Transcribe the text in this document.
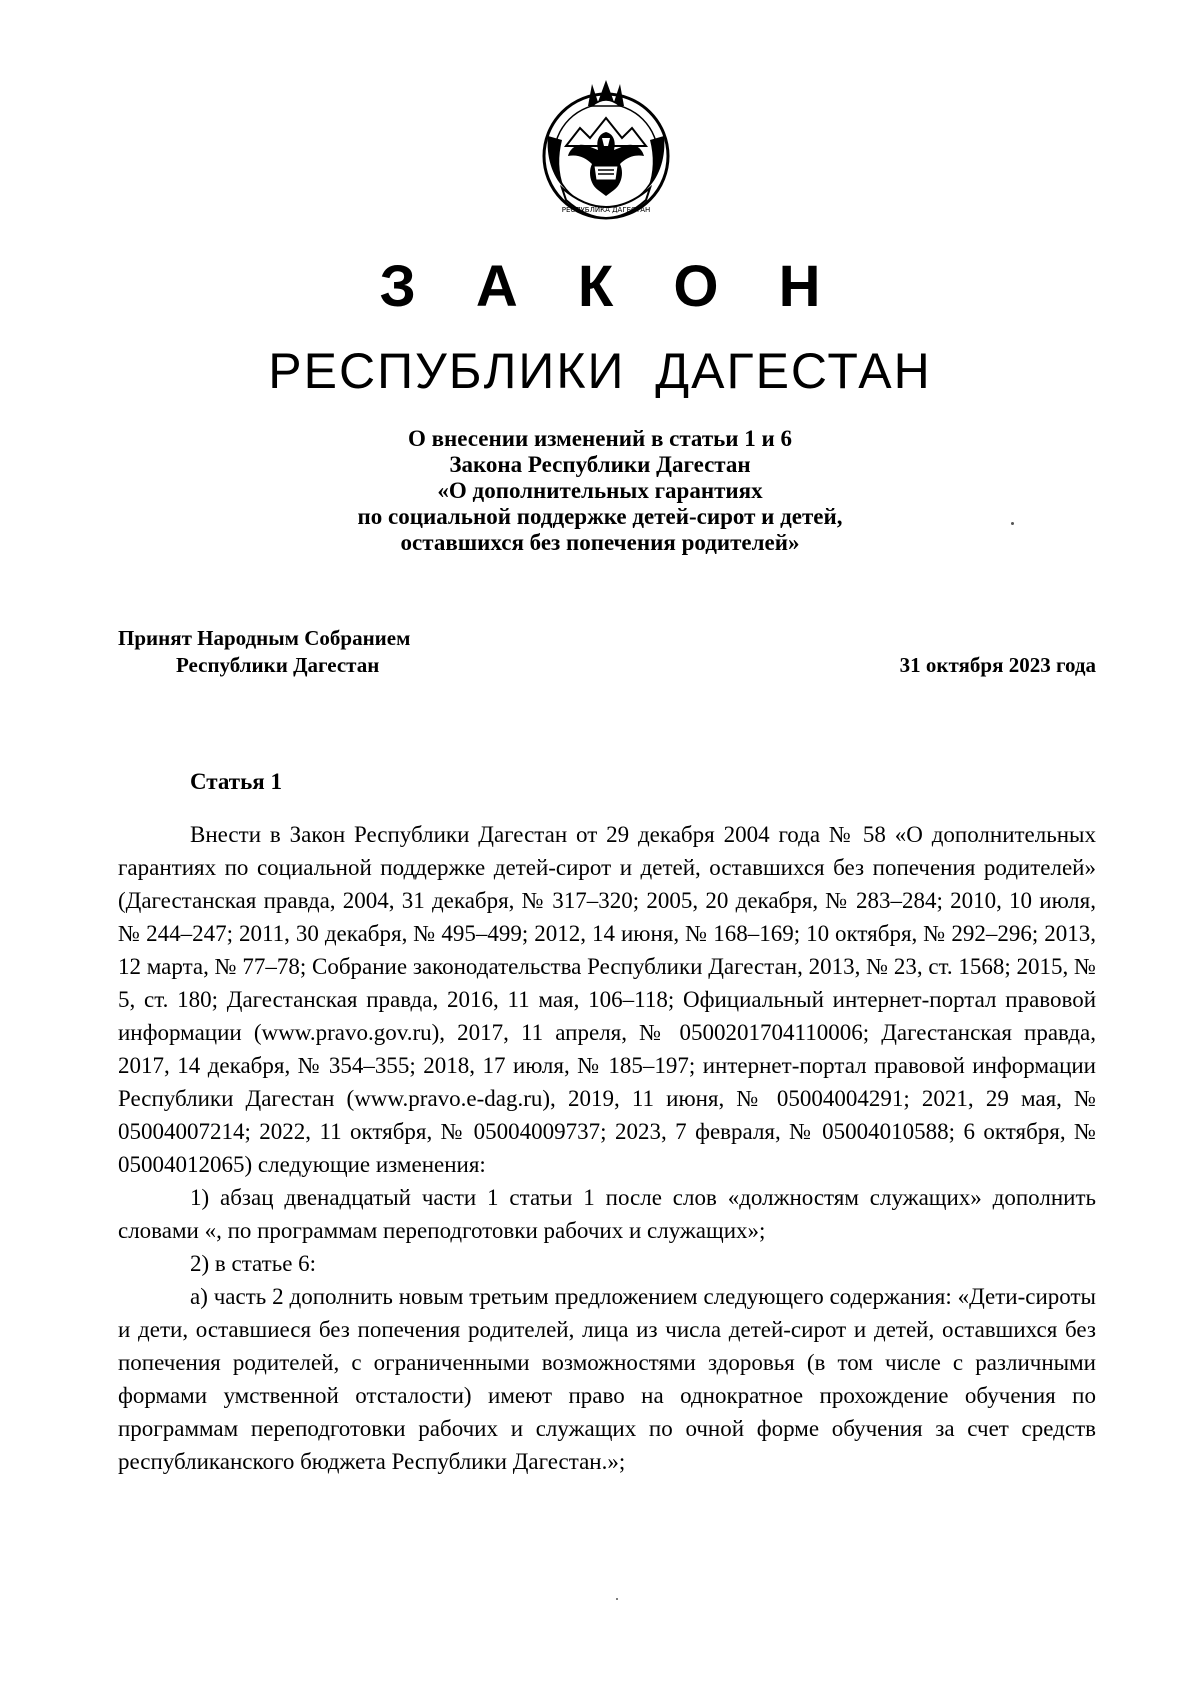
РЕСПУБЛИКА ДАГЕСТАН
З А К О Н
РЕСПУБЛИКИ ДАГЕСТАН
О внесении изменений в статьи 1 и 6
Закона Республики Дагестан
«О дополнительных гарантиях
по социальной поддержке детей-сирот и детей,
оставшихся без попечения родителей»
Принят Народным Собранием
Республики Дагестан	31 октября 2023 года
Статья 1

Внести в Закон Республики Дагестан от 29 декабря 2004 года № 58 «О дополнительных гарантиях по социальной поддержке детей-сирот и детей, оставшихся без попечения родителей» (Дагестанская правда, 2004, 31 декабря, № 317–320; 2005, 20 декабря, № 283–284; 2010, 10 июля, № 244–247; 2011, 30 декабря, № 495–499; 2012, 14 июня, № 168–169; 10 октября, № 292–296; 2013, 12 марта, № 77–78; Собрание законодательства Республики Дагестан, 2013, № 23, ст. 1568; 2015, № 5, ст. 180; Дагестанская правда, 2016, 11 мая, 106–118; Официальный интернет-портал правовой информации (www.pravo.gov.ru), 2017, 11 апреля, № 0500201704110006; Дагестанская правда, 2017, 14 декабря, № 354–355; 2018, 17 июля, № 185–197; интернет-портал правовой информации Республики Дагестан (www.pravo.e-dag.ru), 2019, 11 июня, № 05004004291; 2021, 29 мая, № 05004007214; 2022, 11 октября, № 05004009737; 2023, 7 февраля, № 05004010588; 6 октября, № 05004012065) следующие изменения:

1) абзац двенадцатый части 1 статьи 1 после слов «должностям служащих» дополнить словами «, по программам переподготовки рабочих и служащих»;

2) в статье 6:

а) часть 2 дополнить новым третьим предложением следующего содержания: «Дети-сироты и дети, оставшиеся без попечения родителей, лица из числа детей-сирот и детей, оставшихся без попечения родителей, с ограниченными возможностями здоровья (в том числе с различными формами умственной отсталости) имеют право на однократное прохождение обучения по программам переподготовки рабочих и служащих по очной форме обучения за счет средств республиканского бюджета Республики Дагестан.»;
